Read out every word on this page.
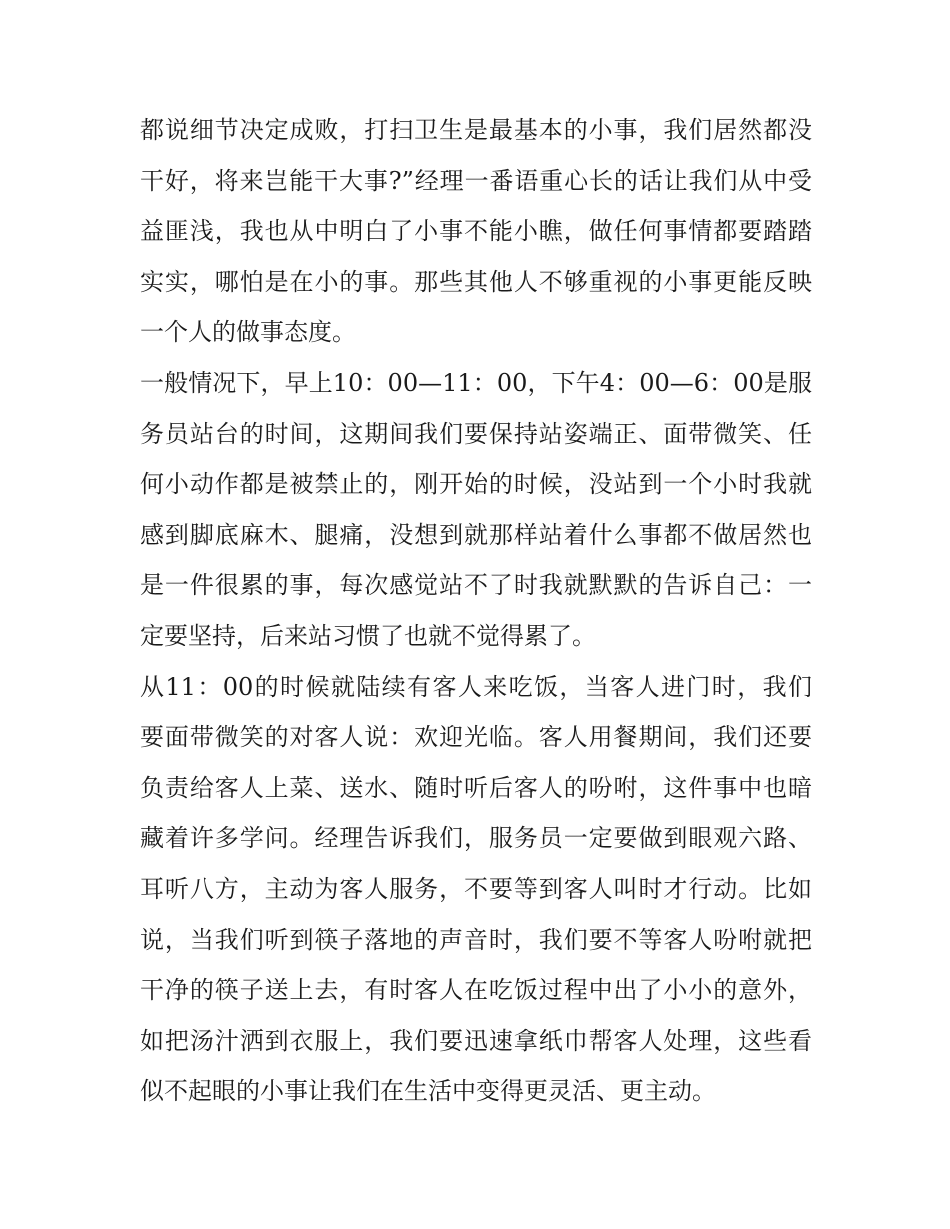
都说细节决定成败，打扫卫生是最基本的小事，我们居然都没
干好，将来岂能干大事?”经理一番语重心长的话让我们从中受
益匪浅，我也从中明白了小事不能小瞧，做任何事情都要踏踏
实实，哪怕是在小的事。那些其他人不够重视的小事更能反映
一个人的做事态度。
一般情况下，早上10：00—11：00，下午4：00—6：00是服
务员站台的时间，这期间我们要保持站姿端正、面带微笑、任
何小动作都是被禁止的，刚开始的时候，没站到一个小时我就
感到脚底麻木、腿痛，没想到就那样站着什么事都不做居然也
是一件很累的事，每次感觉站不了时我就默默的告诉自己：一
定要坚持，后来站习惯了也就不觉得累了。
从11：00的时候就陆续有客人来吃饭，当客人进门时，我们
要面带微笑的对客人说：欢迎光临。客人用餐期间，我们还要
负责给客人上菜、送水、随时听后客人的吩咐，这件事中也暗
藏着许多学问。经理告诉我们，服务员一定要做到眼观六路、
耳听八方，主动为客人服务，不要等到客人叫时才行动。比如
说，当我们听到筷子落地的声音时，我们要不等客人吩咐就把
干净的筷子送上去，有时客人在吃饭过程中出了小小的意外，
如把汤汁洒到衣服上，我们要迅速拿纸巾帮客人处理，这些看
似不起眼的小事让我们在生活中变得更灵活、更主动。
